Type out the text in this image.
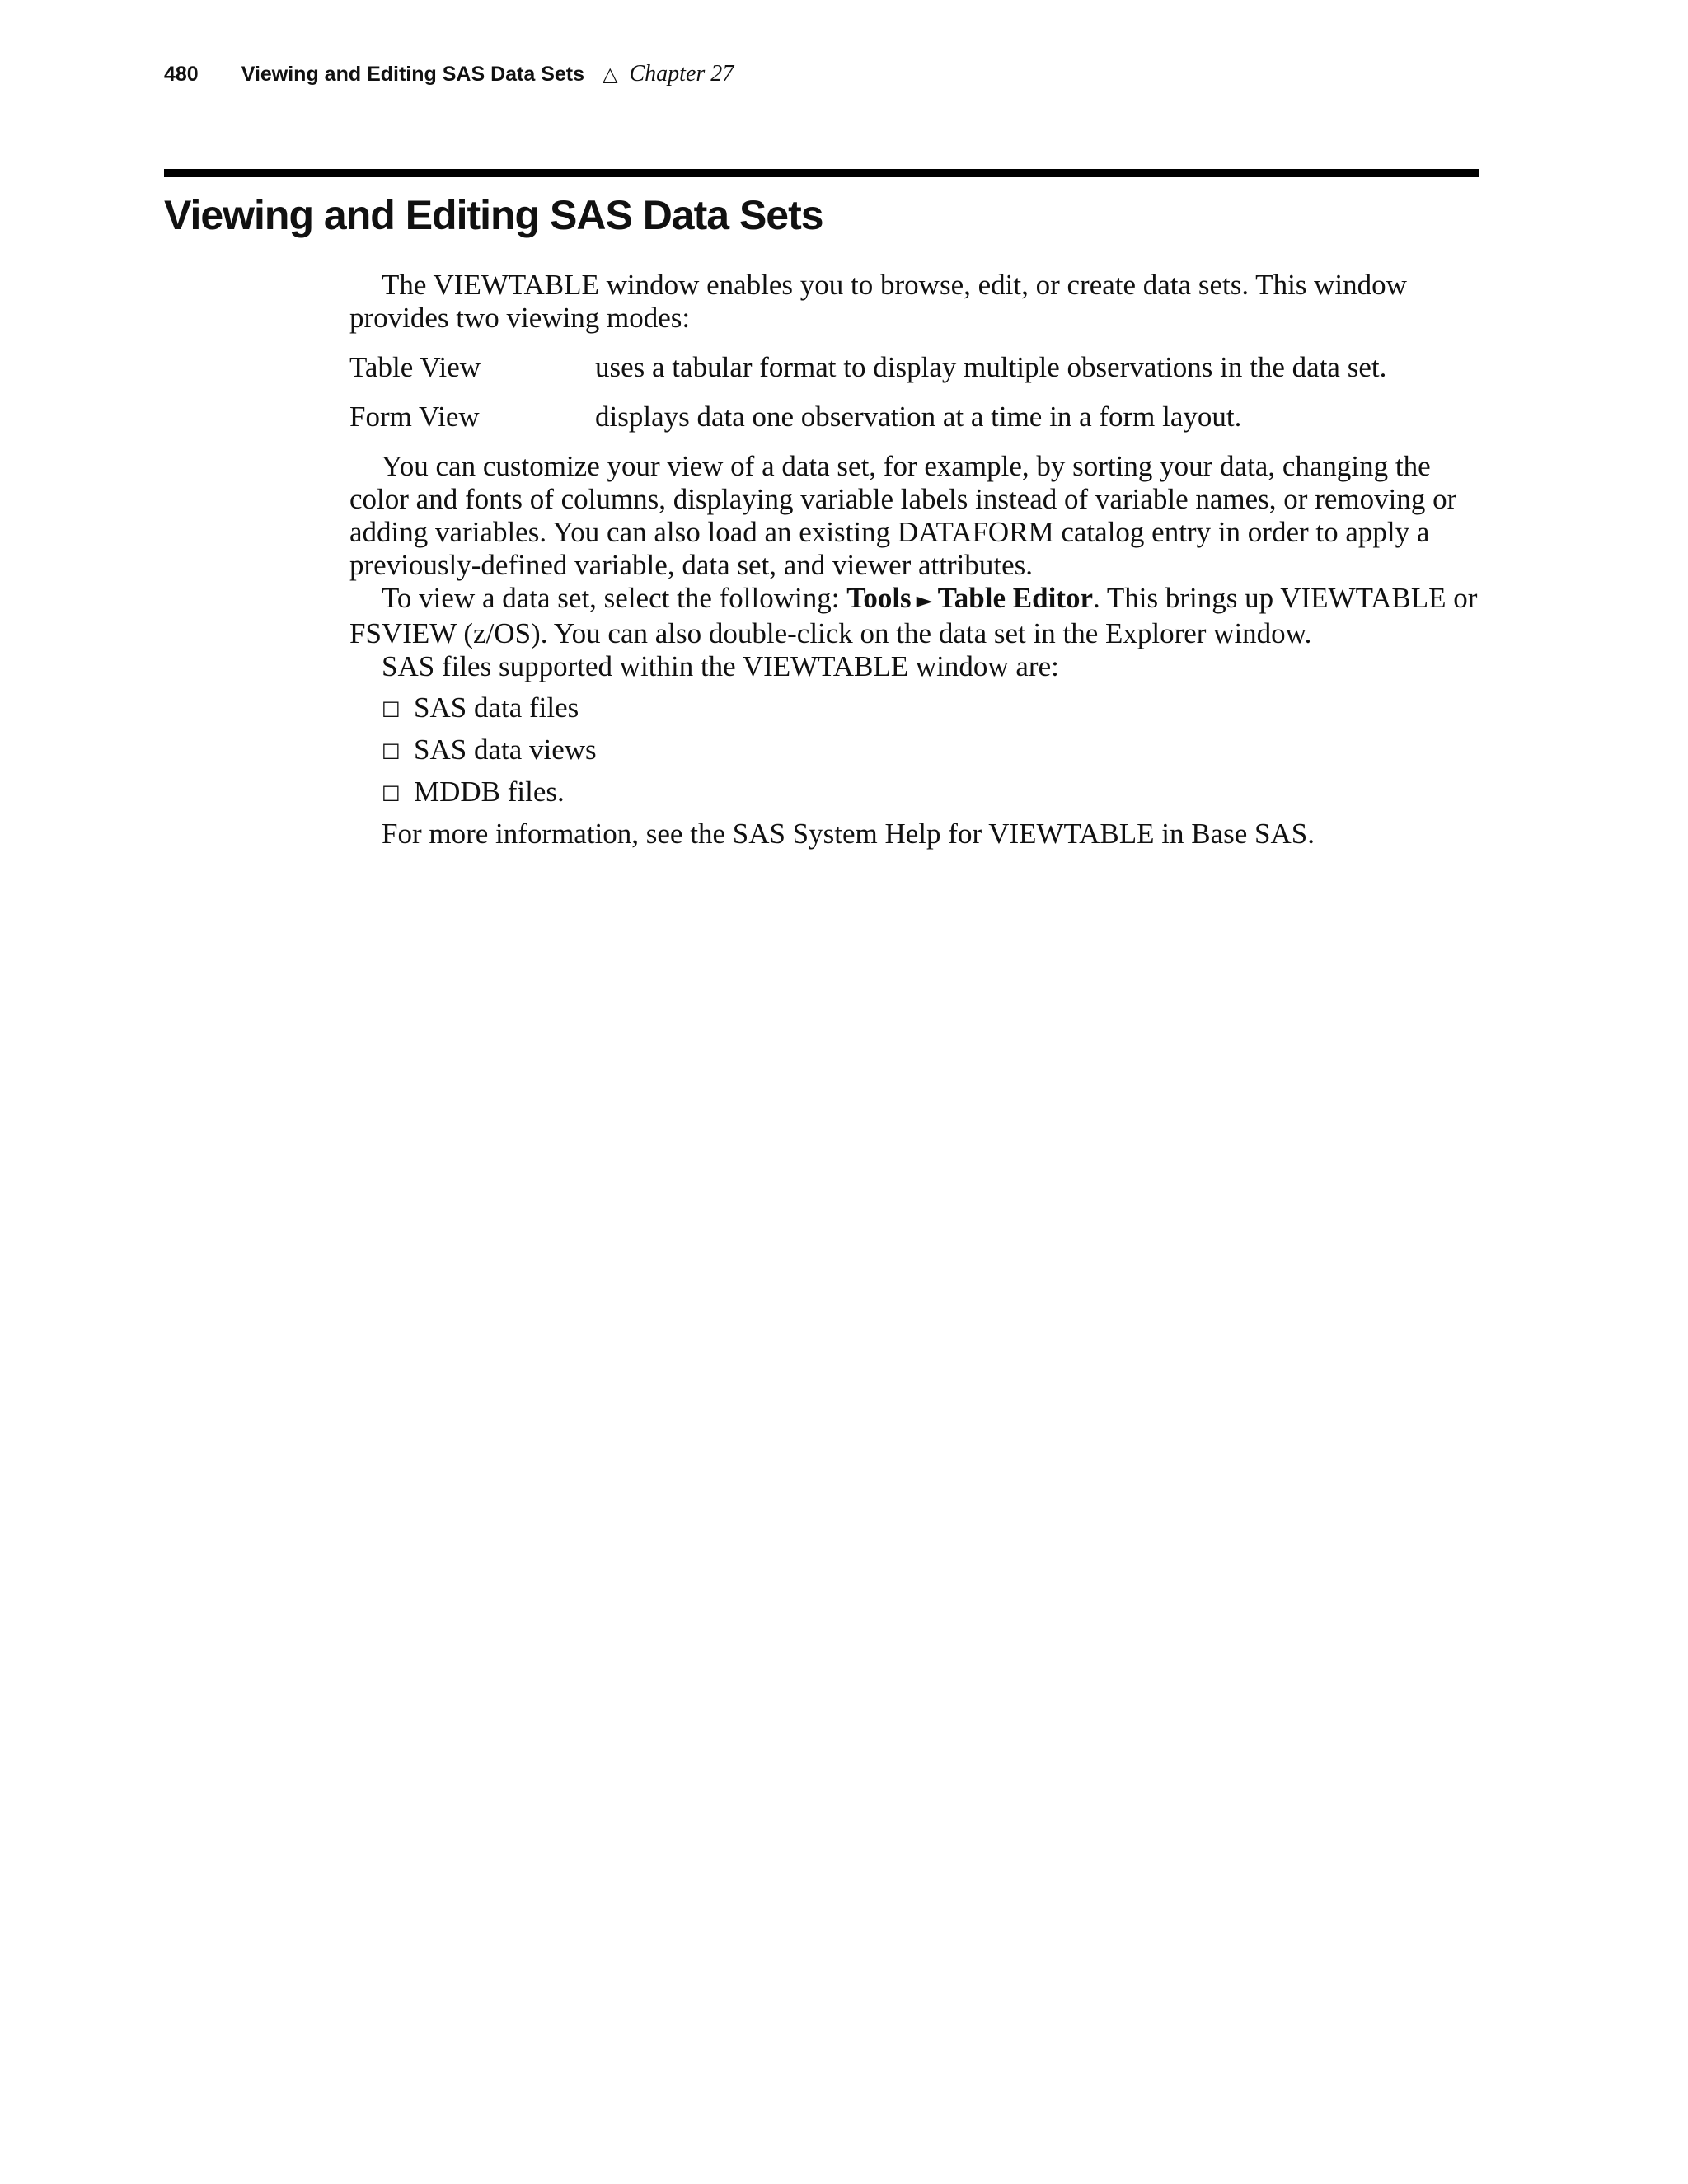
480 Viewing and Editing SAS Data Sets △ Chapter 27
Viewing and Editing SAS Data Sets

The VIEWTABLE window enables you to browse, edit, or create data sets. This window provides two viewing modes:

Table View	uses a tabular format to display multiple observations in the data set.
Form View	displays data one observation at a time in a form layout.

You can customize your view of a data set, for example, by sorting your data, changing the color and fonts of columns, displaying variable labels instead of variable names, or removing or adding variables. You can also load an existing DATAFORM catalog entry in order to apply a previously-defined variable, data set, and viewer attributes.

To view a data set, select the following: Tools ► Table Editor. This brings up VIEWTABLE or FSVIEW (z/OS). You can also double-click on the data set in the Explorer window.

SAS files supported within the VIEWTABLE window are:

□ SAS data files
□ SAS data views
□ MDDB files.

For more information, see the SAS System Help for VIEWTABLE in Base SAS.
